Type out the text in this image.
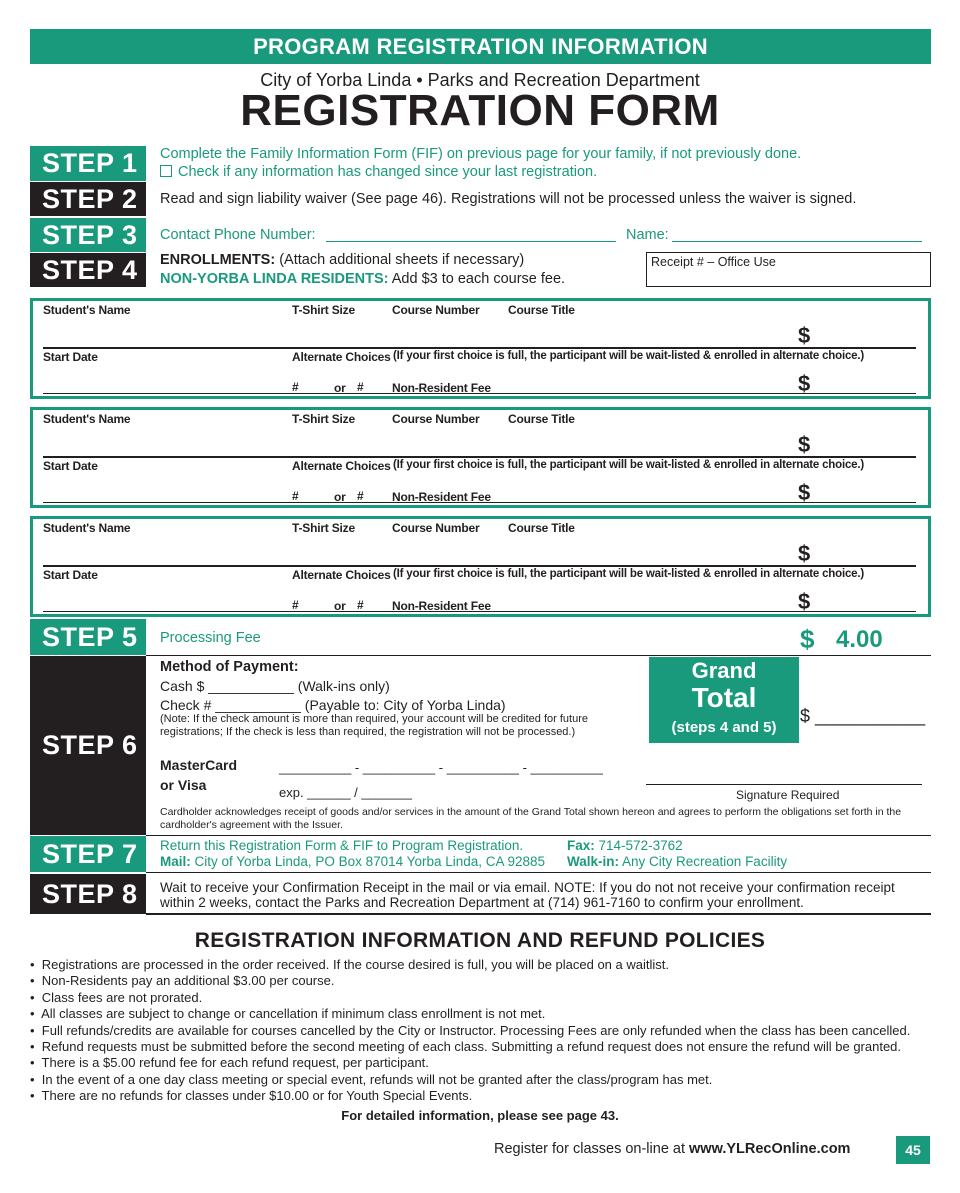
PROGRAM REGISTRATION INFORMATION
City of Yorba Linda • Parks and Recreation Department
REGISTRATION FORM
STEP 1	Complete the Family Information Form (FIF) on previous page for your family, if not previously done.
Check if any information has changed since your last registration.
STEP 2	Read and sign liability waiver (See page 46). Registrations will not be processed unless the waiver is signed.
STEP 3	Contact Phone Number:	Name:
STEP 4	ENROLLMENTS: (Attach additional sheets if necessary)
NON-YORBA LINDA RESIDENTS: Add $3 to each course fee.
Receipt # – Office Use
Student's Name	T-Shirt Size	Course Number Course Title
$
Start Date	Alternate Choices (If your first choice is full, the participant will be wait-listed & enrolled in alternate choice.)
#	or # Non-Resident Fee	$
Student's Name	T-Shirt Size	Course Number Course Title
$
Start Date	Alternate Choices (If your first choice is full, the participant will be wait-listed & enrolled in alternate choice.)
#	or # Non-Resident Fee	$
Student's Name	T-Shirt Size	Course Number Course Title
$
Start Date	Alternate Choices (If your first choice is full, the participant will be wait-listed & enrolled in alternate choice.)
#	or # Non-Resident Fee	$
STEP 5	Processing Fee	$ 4.00
STEP 6
Method of Payment:
Cash $ ___________ (Walk-ins only)
Check # ___________ (Payable to: City of Yorba Linda)
(Note: If the check amount is more than required, your account will be credited for future
registrations; If the check is less than required, the registration will not be processed.)
Grand
Total
(steps 4 and 5)
$ ___________
MasterCard
or Visa
__________ - __________ - __________ - __________
exp. ______ / _______	Signature Required
Cardholder acknowledges receipt of goods and/or services in the amount of the Grand Total shown hereon and agrees to perform the obligations set forth in the
cardholder's agreement with the Issuer.
STEP 7	Return this Registration Form & FIF to Program Registration.
Mail: City of Yorba Linda, PO Box 87014 Yorba Linda, CA 92885
Fax: 714-572-3762
Walk-in: Any City Recreation Facility
STEP 8	Wait to receive your Confirmation Receipt in the mail or via email. NOTE: If you do not not receive your confirmation receipt
within 2 weeks, contact the Parks and Recreation Department at (714) 961-7160 to confirm your enrollment.
REGISTRATION INFORMATION AND REFUND POLICIES
•  Registrations are processed in the order received. If the course desired is full, you will be placed on a waitlist.
•  Non-Residents pay an additional $3.00 per course.
•  Class fees are not prorated.
•  All classes are subject to change or cancellation if minimum class enrollment is not met.
•  Full refunds/credits are available for courses cancelled by the City or Instructor. Processing Fees are only refunded when the class has been cancelled.
•  Refund requests must be submitted before the second meeting of each class. Submitting a refund request does not ensure the refund will be granted.
•  There is a $5.00 refund fee for each refund request, per participant.
•  In the event of a one day class meeting or special event, refunds will not be granted after the class/program has met.
•  There are no refunds for classes under $10.00 or for Youth Special Events.
For detailed information, please see page 43.
Register for classes on-line at www.YLRecOnline.com	45
